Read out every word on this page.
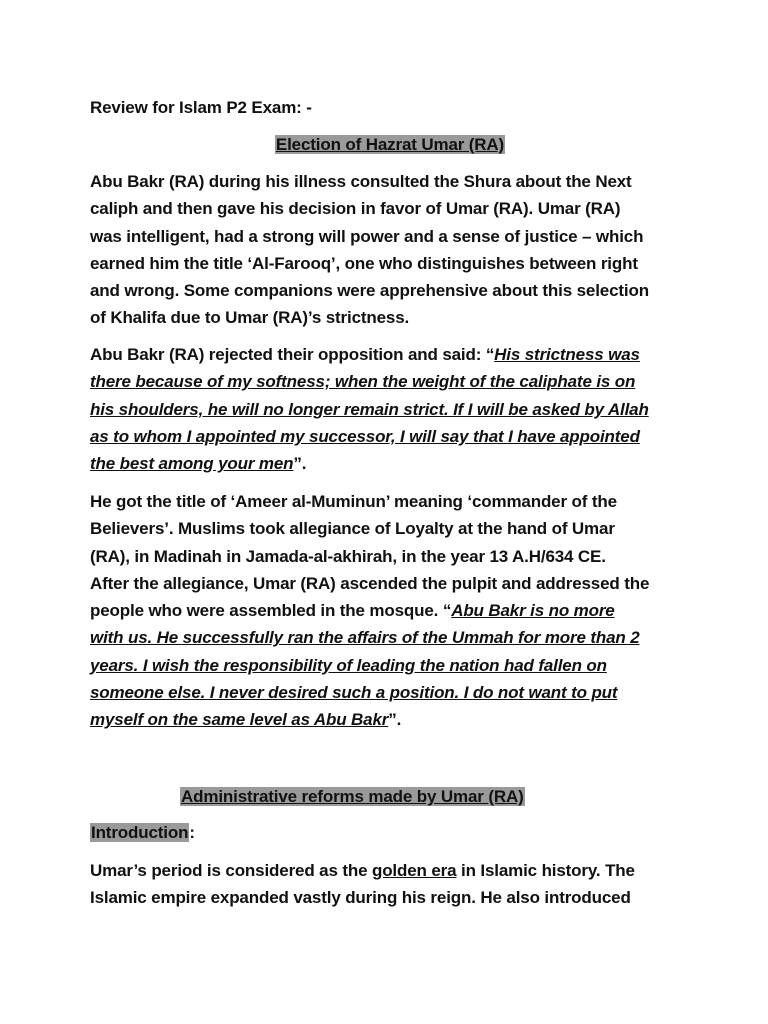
Review for Islam P2 Exam: -

Election of Hazrat Umar (RA)

Abu Bakr (RA) during his illness consulted the Shura about the Next
caliph and then gave his decision in favor of Umar (RA). Umar (RA)
was intelligent, had a strong will power and a sense of justice – which
earned him the title ‘Al-Farooq’, one who distinguishes between right
and wrong. Some companions were apprehensive about this selection
of Khalifa due to Umar (RA)’s strictness.

Abu Bakr (RA) rejected their opposition and said: “His strictness was
there because of my softness; when the weight of the caliphate is on
his shoulders, he will no longer remain strict. If I will be asked by Allah
as to whom I appointed my successor, I will say that I have appointed
the best among your men”.

He got the title of ‘Ameer al-Muminun’ meaning ‘commander of the
Believers’. Muslims took allegiance of Loyalty at the hand of Umar
(RA), in Madinah in Jamada-al-akhirah, in the year 13 A.H/634 CE.
After the allegiance, Umar (RA) ascended the pulpit and addressed the
people who were assembled in the mosque. “Abu Bakr is no more
with us. He successfully ran the affairs of the Ummah for more than 2
years. I wish the responsibility of leading the nation had fallen on
someone else. I never desired such a position. I do not want to put
myself on the same level as Abu Bakr”.

Administrative reforms made by Umar (RA)

Introduction:

Umar’s period is considered as the golden era in Islamic history. The
Islamic empire expanded vastly during his reign. He also introduced
